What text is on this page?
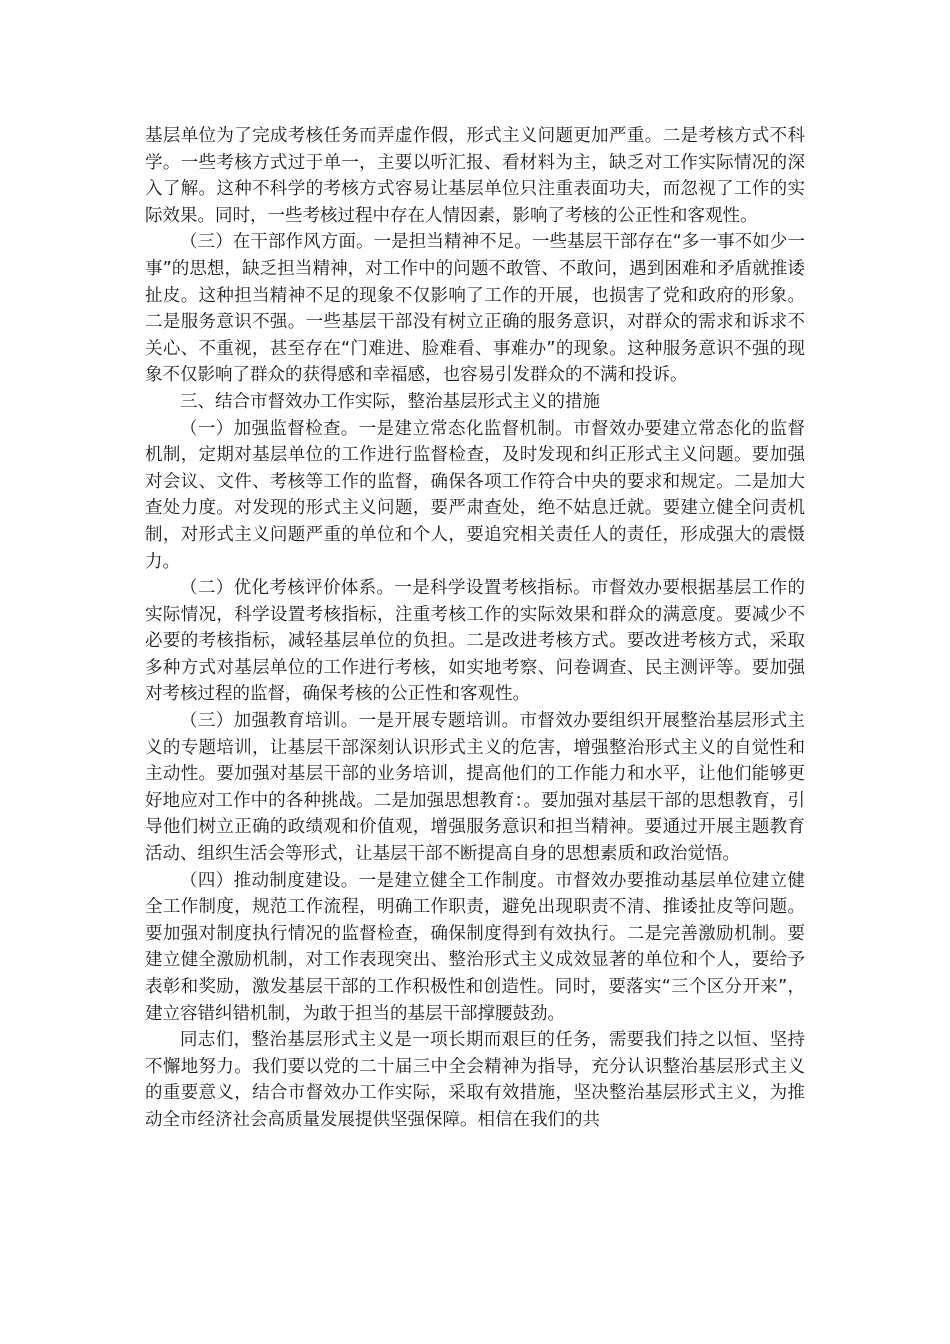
基层单位为了完成考核任务而弄虚作假，形式主义问题更加严重。二是考核方式不科学。一些考核方式过于单一，主要以听汇报、看材料为主，缺乏对工作实际情况的深入了解。这种不科学的考核方式容易让基层单位只注重表面功夫，而忽视了工作的实际效果。同时，一些考核过程中存在人情因素，影响了考核的公正性和客观性。

（三）在干部作风方面。一是担当精神不足。一些基层干部存在“多一事不如少一事”的思想，缺乏担当精神，对工作中的问题不敢管、不敢问，遇到困难和矛盾就推诿扯皮。这种担当精神不足的现象不仅影响了工作的开展，也损害了党和政府的形象。二是服务意识不强。一些基层干部没有树立正确的服务意识，对群众的需求和诉求不关心、不重视，甚至存在“门难进、脸难看、事难办”的现象。这种服务意识不强的现象不仅影响了群众的获得感和幸福感，也容易引发群众的不满和投诉。

三、结合市督效办工作实际，整治基层形式主义的措施

（一）加强监督检查。一是建立常态化监督机制。市督效办要建立常态化的监督机制，定期对基层单位的工作进行监督检查，及时发现和纠正形式主义问题。要加强对会议、文件、考核等工作的监督，确保各项工作符合中央的要求和规定。二是加大查处力度。对发现的形式主义问题，要严肃查处，绝不姑息迁就。要建立健全问责机制，对形式主义问题严重的单位和个人，要追究相关责任人的责任，形成强大的震慑力。

（二）优化考核评价体系。一是科学设置考核指标。市督效办要根据基层工作的实际情况，科学设置考核指标，注重考核工作的实际效果和群众的满意度。要减少不必要的考核指标，减轻基层单位的负担。二是改进考核方式。要改进考核方式，采取多种方式对基层单位的工作进行考核，如实地考察、问卷调查、民主测评等。要加强对考核过程的监督，确保考核的公正性和客观性。

（三）加强教育培训。一是开展专题培训。市督效办要组织开展整治基层形式主义的专题培训，让基层干部深刻认识形式主义的危害，增强整治形式主义的自觉性和主动性。要加强对基层干部的业务培训，提高他们的工作能力和水平，让他们能够更好地应对工作中的各种挑战。二是加强思想教育：。要加强对基层干部的思想教育，引导他们树立正确的政绩观和价值观，增强服务意识和担当精神。要通过开展主题教育活动、组织生活会等形式，让基层干部不断提高自身的思想素质和政治觉悟。

（四）推动制度建设。一是建立健全工作制度。市督效办要推动基层单位建立健全工作制度，规范工作流程，明确工作职责，避免出现职责不清、推诿扯皮等问题。要加强对制度执行情况的监督检查，确保制度得到有效执行。二是完善激励机制。要建立健全激励机制，对工作表现突出、整治形式主义成效显著的单位和个人，要给予表彰和奖励，激发基层干部的工作积极性和创造性。同时，要落实“三个区分开来”，建立容错纠错机制，为敢于担当的基层干部撑腰鼓劲。

同志们，整治基层形式主义是一项长期而艰巨的任务，需要我们持之以恒、坚持不懈地努力。我们要以党的二十届三中全会精神为指导，充分认识整治基层形式主义的重要意义，结合市督效办工作实际，采取有效措施，坚决整治基层形式主义，为推动全市经济社会高质量发展提供坚强保障。相信在我们的共
